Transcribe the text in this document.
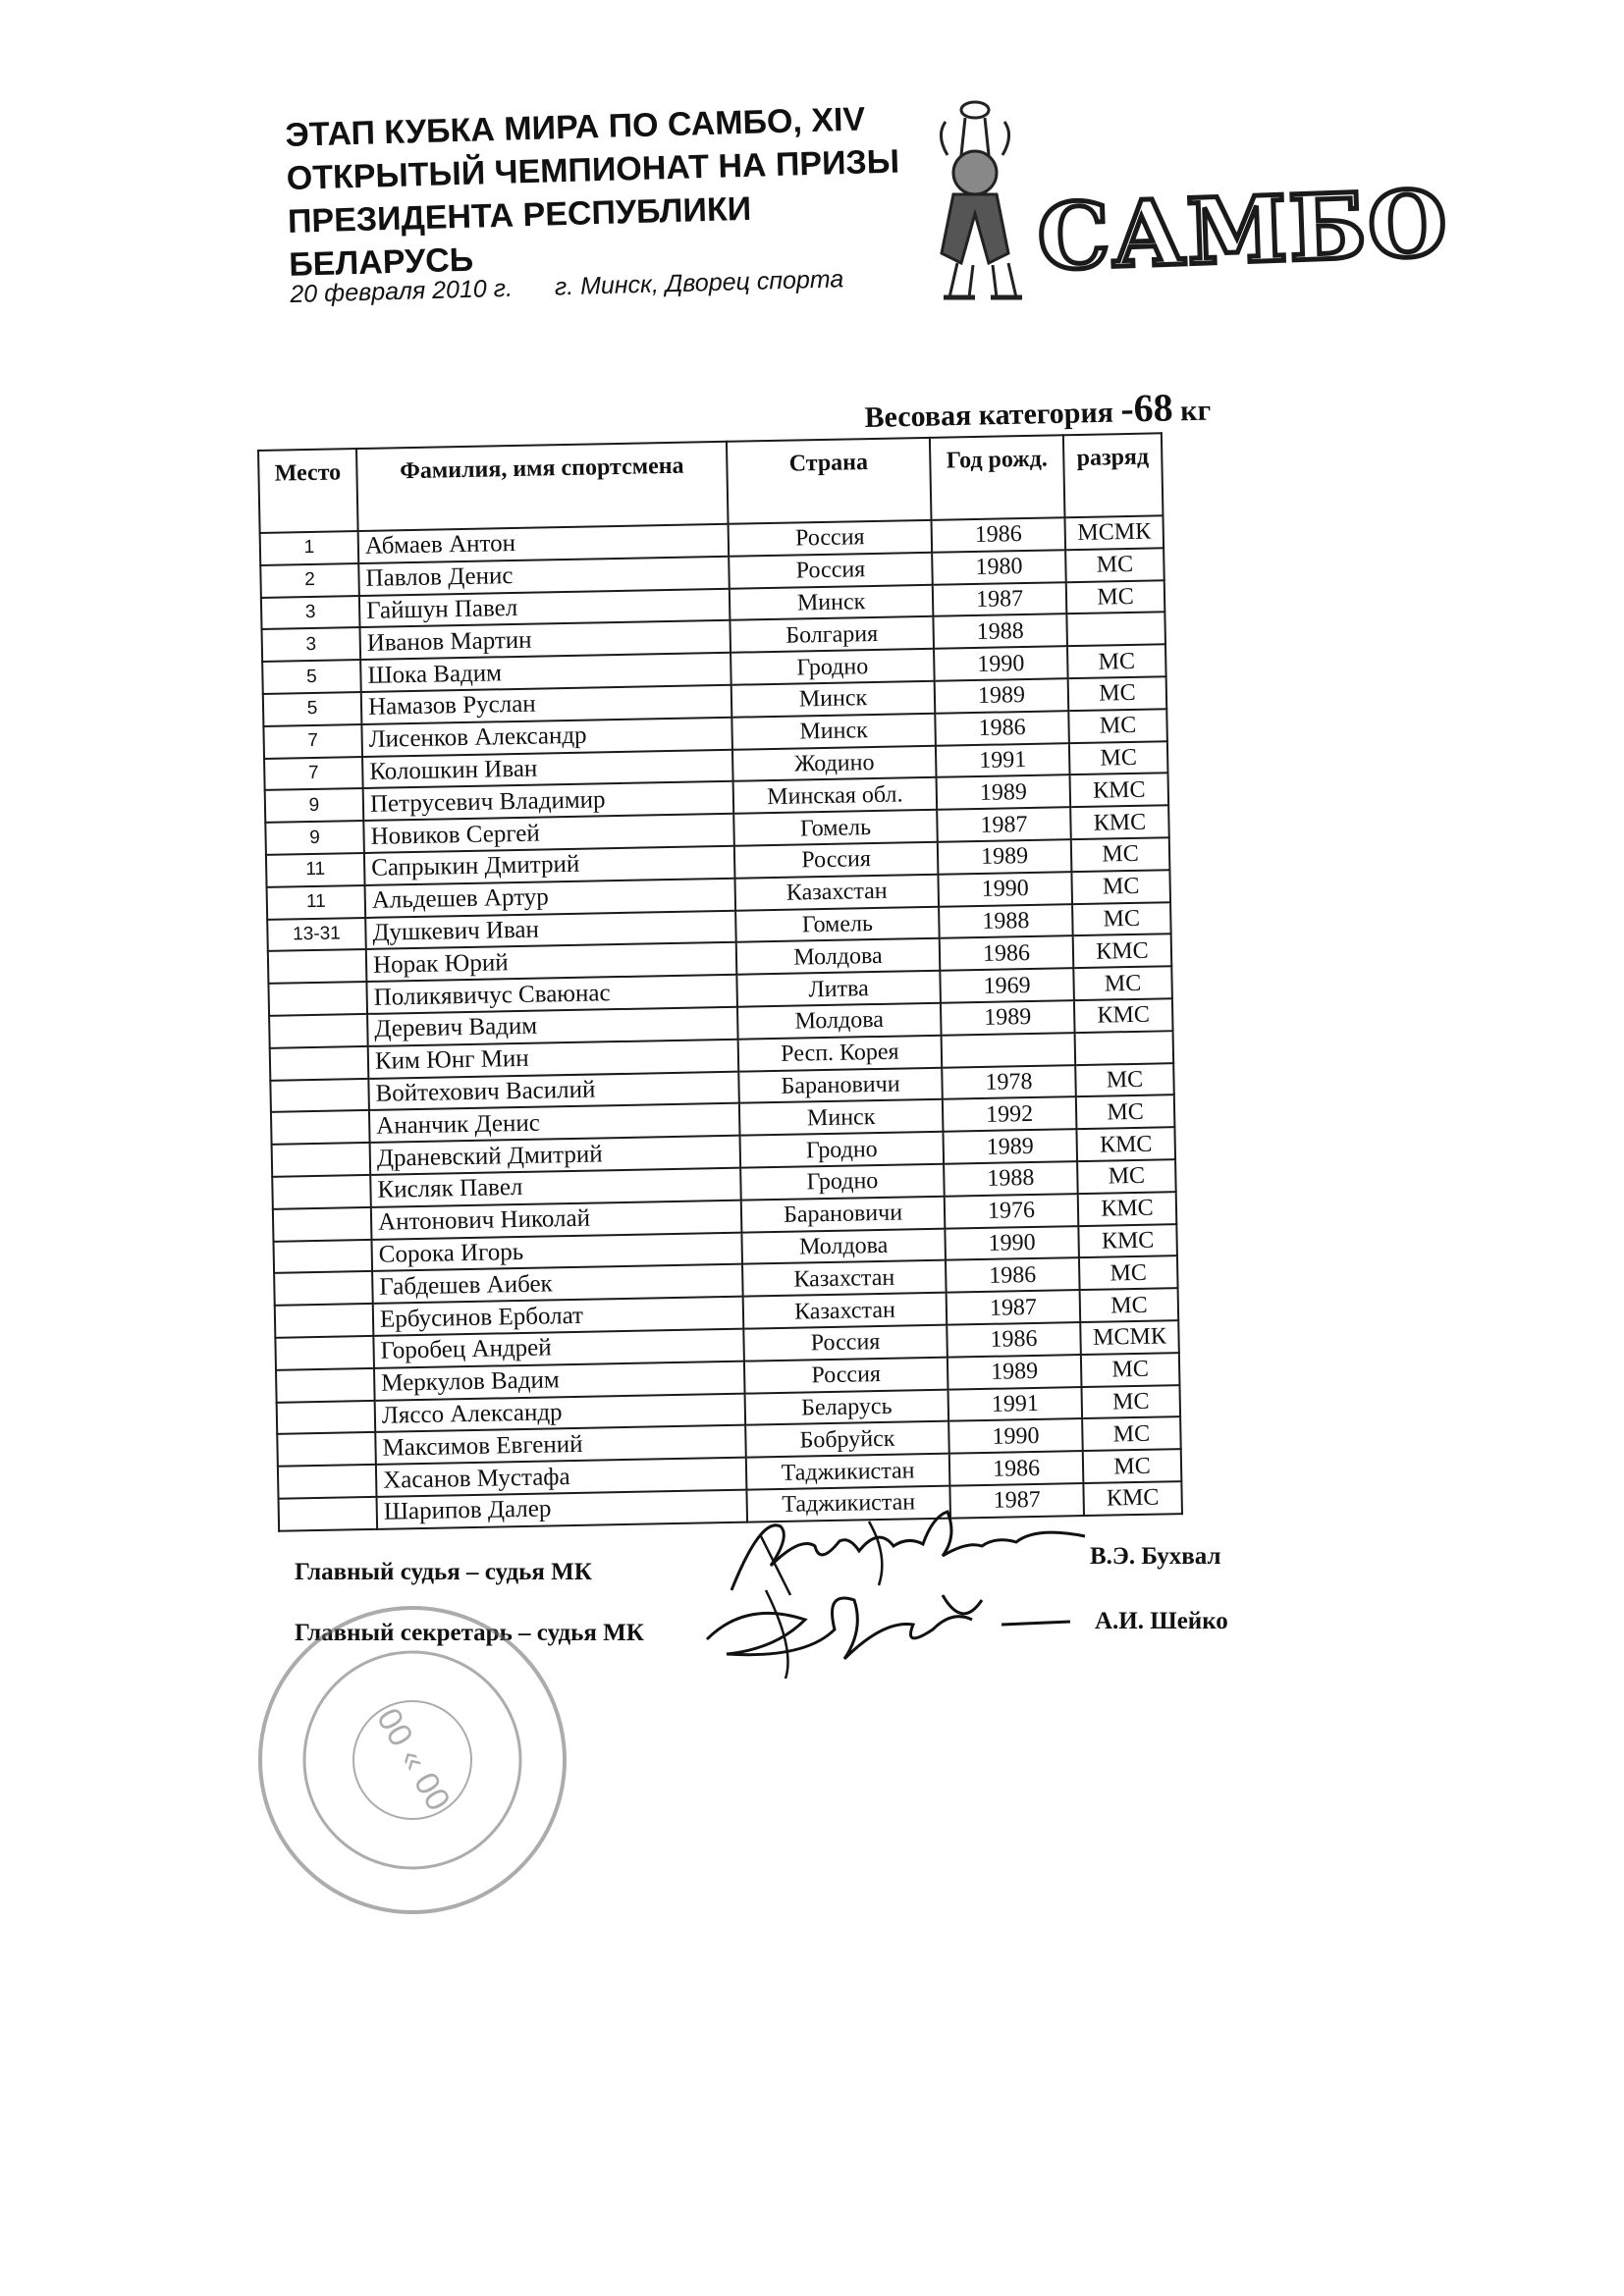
ЭТАП КУБКА МИРА ПО САМБО, XIV
ОТКРЫТЫЙ ЧЕМПИОНАТ НА ПРИЗЫ
ПРЕЗИДЕНТА РЕСПУБЛИКИ
БЕЛАРУСЬ
20 февраля 2010 г. г. Минск, Дворец спорта	САМБО
Весовая категория -68 кг
Место	Фамилия, имя спортсмена	Страна	Год рожд.	разряд
1	Абмаев Антон	Россия	1986	МСМК
2	Павлов Денис	Россия	1980	МС
3	Гайшун Павел	Минск	1987	МС
3	Иванов Мартин	Болгария	1988	
5	Шока Вадим	Гродно	1990	МС
5	Намазов Руслан	Минск	1989	МС
7	Лисенков Александр	Минск	1986	МС
7	Колошкин Иван	Жодино	1991	МС
9	Петрусевич Владимир	Минская обл.	1989	КМС
9	Новиков Сергей	Гомель	1987	КМС
11	Сапрыкин Дмитрий	Россия	1989	МС
11	Альдешев Артур	Казахстан	1990	МС
13-31	Душкевич Иван	Гомель	1988	МС
	Норак Юрий	Молдова	1986	КМС
	Поликявичус Сваюнас	Литва	1969	МС
	Деревич Вадим	Молдова	1989	КМС
	Ким Юнг Мин	Респ. Корея		
	Войтехович Василий	Барановичи	1978	МС
	Ананчик Денис	Минск	1992	МС
	Драневский Дмитрий	Гродно	1989	КМС
	Кисляк Павел	Гродно	1988	МС
	Антонович Николай	Барановичи	1976	КМС
	Сорока Игорь	Молдова	1990	КМС
	Габдешев Аибек	Казахстан	1986	МС
	Ербусинов Ерболат	Казахстан	1987	МС
	Горобец Андрей	Россия	1986	МСМК
	Меркулов Вадим	Россия	1989	МС
	Ляссо Александр	Беларусь	1991	МС
	Максимов Евгений	Бобруйск	1990	МС
	Хасанов Мустафа	Таджикистан	1986	МС
	Шарипов Далер	Таджикистан	1987	КМС
Главный судья – судья МК
В.Э. Бухвал
Главный секретарь – судья МК	А.И. Шейко
00 « 00
